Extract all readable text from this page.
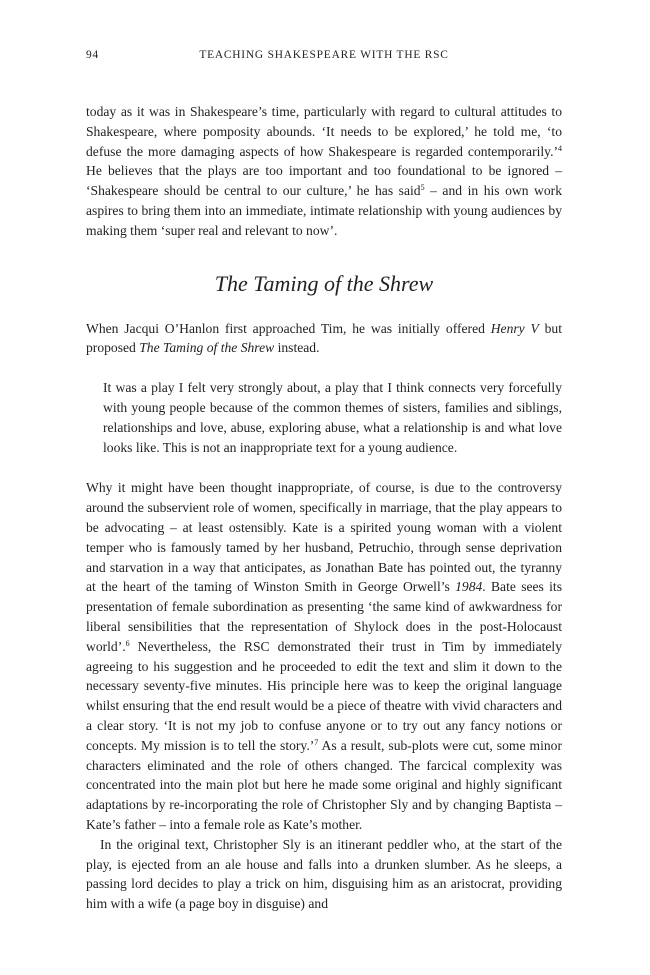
94	TEACHING SHAKESPEARE WITH THE RSC

today as it was in Shakespeare’s time, particularly with regard to cultural attitudes to Shakespeare, where pomposity abounds. ‘It needs to be explored,’ he told me, ‘to defuse the more damaging aspects of how Shakespeare is regarded contemporarily.’$^4$ He believes that the plays are too important and too foundational to be ignored – ‘Shakespeare should be central to our culture,’ he has said$^5$ – and in his own work aspires to bring them into an immediate, intimate relationship with young audiences by making them ‘super real and relevant to now’.

The Taming of the Shrew

When Jacqui O’Hanlon first approached Tim, he was initially offered Henry V but proposed The Taming of the Shrew instead.

It was a play I felt very strongly about, a play that I think connects very forcefully with young people because of the common themes of sisters, families and siblings, relationships and love, abuse, exploring abuse, what a relationship is and what love looks like. This is not an inappropriate text for a young audience.

Why it might have been thought inappropriate, of course, is due to the controversy around the subservient role of women, specifically in marriage, that the play appears to be advocating – at least ostensibly. Kate is a spirited young woman with a violent temper who is famously tamed by her husband, Petruchio, through sense deprivation and starvation in a way that anticipates, as Jonathan Bate has pointed out, the tyranny at the heart of the taming of Winston Smith in George Orwell’s 1984. Bate sees its presentation of female subordination as presenting ‘the same kind of awkwardness for liberal sensibilities that the representation of Shylock does in the post-Holocaust world’.$^6$ Nevertheless, the RSC demonstrated their trust in Tim by immediately agreeing to his suggestion and he proceeded to edit the text and slim it down to the necessary seventy-five minutes. His principle here was to keep the original language whilst ensuring that the end result would be a piece of theatre with vivid characters and a clear story. ‘It is not my job to confuse anyone or to try out any fancy notions or concepts. My mission is to tell the story.’$^7$ As a result, sub-plots were cut, some minor characters eliminated and the role of others changed. The farcical complexity was concentrated into the main plot but here he made some original and highly significant adaptations by re-incorporating the role of Christopher Sly and by changing Baptista – Kate’s father – into a female role as Kate’s mother.

In the original text, Christopher Sly is an itinerant peddler who, at the start of the play, is ejected from an ale house and falls into a drunken slumber. As he sleeps, a passing lord decides to play a trick on him, disguising him as an aristocrat, providing him with a wife (a page boy in disguise) and
